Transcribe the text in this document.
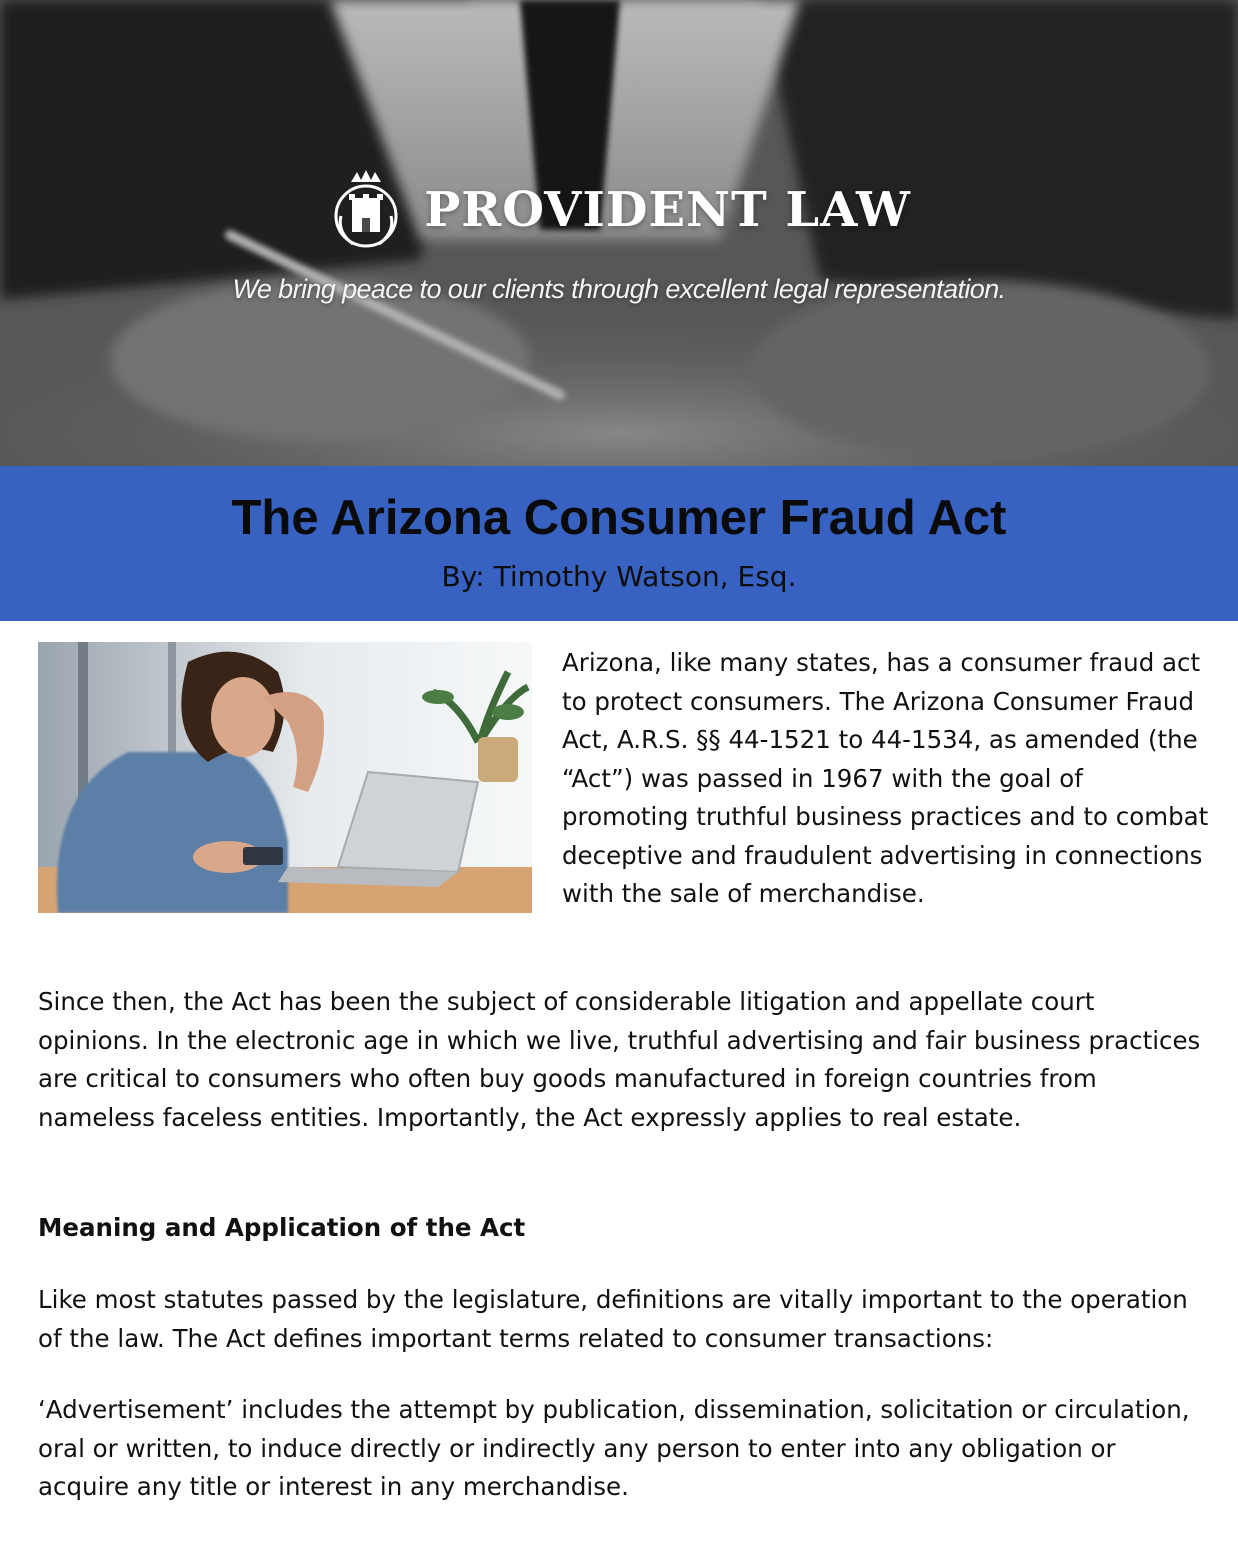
PROVIDENT LAW
We bring peace to our clients through excellent legal representation.
The Arizona Consumer Fraud Act
By: Timothy Watson, Esq.

Arizona, like many states, has a consumer fraud act to protect consumers. The Arizona Consumer Fraud Act, A.R.S. §§ 44-1521 to 44-1534, as amended (the “Act”) was passed in 1967 with the goal of promoting truthful business practices and to combat deceptive and fraudulent advertising in connections with the sale of merchandise.

Since then, the Act has been the subject of considerable litigation and appellate court opinions. In the electronic age in which we live, truthful advertising and fair business practices are critical to consumers who often buy goods manufactured in foreign countries from nameless faceless entities. Importantly, the Act expressly applies to real estate.

Meaning and Application of the Act

Like most statutes passed by the legislature, definitions are vitally important to the operation of the law. The Act defines important terms related to consumer transactions:

‘Advertisement’ includes the attempt by publication, dissemination, solicitation or circulation, oral or written, to induce directly or indirectly any person to enter into any obligation or acquire any title or interest in any merchandise.
